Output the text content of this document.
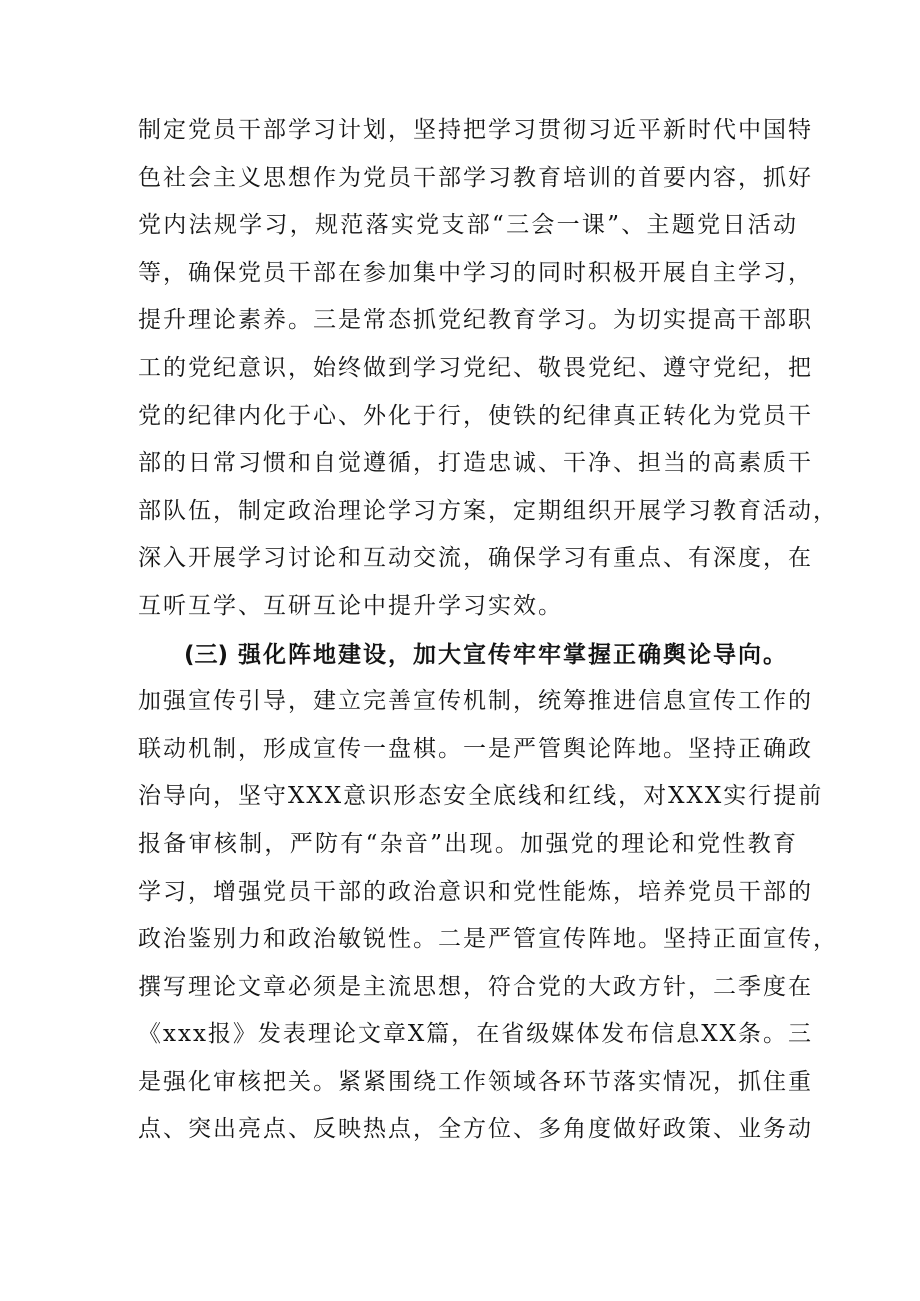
制定党员干部学习计划，坚持把学习贯彻习近平新时代中国特
色社会主义思想作为党员干部学习教育培训的首要内容，抓好
党内法规学习，规范落实党支部“三会一课”、主题党日活动
等，确保党员干部在参加集中学习的同时积极开展自主学习，
提升理论素养。三是常态抓党纪教育学习。为切实提高干部职
工的党纪意识，始终做到学习党纪、敬畏党纪、遵守党纪，把
党的纪律内化于心、外化于行，使铁的纪律真正转化为党员干
部的日常习惯和自觉遵循，打造忠诚、干净、担当的高素质干
部队伍，制定政治理论学习方案，定期组织开展学习教育活动，
深入开展学习讨论和互动交流，确保学习有重点、有深度，在
互听互学、互研互论中提升学习实效。
(三) 强化阵地建设，加大宣传牢牢掌握正确舆论导向。
加强宣传引导，建立完善宣传机制，统筹推进信息宣传工作的
联动机制，形成宣传一盘棋。一是严管舆论阵地。坚持正确政
治导向，坚守XXX意识形态安全底线和红线，对XXX实行提前
报备审核制，严防有“杂音”出现。加强党的理论和党性教育
学习，增强党员干部的政治意识和党性能炼，培养党员干部的
政治鉴别力和政治敏锐性。二是严管宣传阵地。坚持正面宣传，
撰写理论文章必须是主流思想，符合党的大政方针，二季度在
《xxx报》发表理论文章X篇，在省级媒体发布信息XX条。三
是强化审核把关。紧紧围绕工作领域各环节落实情况，抓住重
点、突出亮点、反映热点，全方位、多角度做好政策、业务动
